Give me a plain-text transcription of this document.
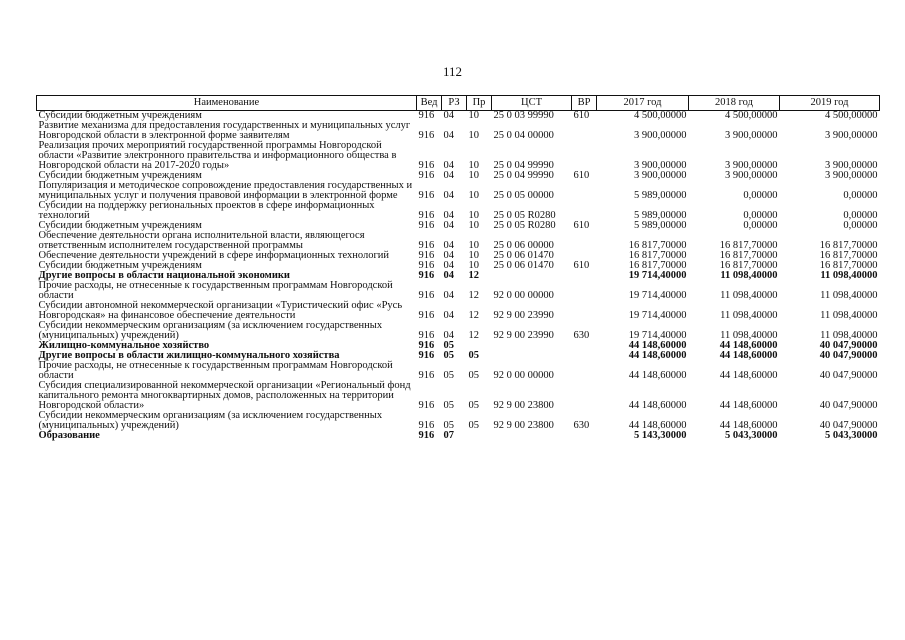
112
Наименование	Вед	РЗ	Пр	ЦСТ	ВР	2017 год	2018 год	2019 год
Субсидии бюджетным учреждениям	916	04	10	25 0 03 99990	610	4 500,00000	4 500,00000	4 500,00000
Развитие механизма для предоставления государственных и муниципальных услуг Новгородской области в электронной форме заявителям	916	04	10	25 0 04 00000		3 900,00000	3 900,00000	3 900,00000
Реализация прочих мероприятий государственной программы Новгородской области «Развитие электронного правительства и информационного общества в Новгородской области на 2017-2020 годы»	916	04	10	25 0 04 99990		3 900,00000	3 900,00000	3 900,00000
Субсидии бюджетным учреждениям	916	04	10	25 0 04 99990	610	3 900,00000	3 900,00000	3 900,00000
Популяризация и методическое сопровождение предоставления государственных и муниципальных услуг и получения правовой информации в электронной форме	916	04	10	25 0 05 00000		5 989,00000	0,00000	0,00000
Субсидии на поддержку региональных проектов в сфере информационных технологий	916	04	10	25 0 05 R0280		5 989,00000	0,00000	0,00000
Субсидии бюджетным учреждениям	916	04	10	25 0 05 R0280	610	5 989,00000	0,00000	0,00000
Обеспечение деятельности органа исполнительной власти, являющегося ответственным исполнителем государственной программы	916	04	10	25 0 06 00000		16 817,70000	16 817,70000	16 817,70000
Обеспечение деятельности учреждений в сфере информационных технологий	916	04	10	25 0 06 01470		16 817,70000	16 817,70000	16 817,70000
Субсидии бюджетным учреждениям	916	04	10	25 0 06 01470	610	16 817,70000	16 817,70000	16 817,70000
Другие вопросы в области национальной экономики	916	04	12			19 714,40000	11 098,40000	11 098,40000
Прочие расходы, не отнесенные к государственным программам Новгородской области	916	04	12	92 0 00 00000		19 714,40000	11 098,40000	11 098,40000
Субсидии автономной некоммерческой организации «Туристический офис «Русь Новгородская» на финансовое обеспечение деятельности	916	04	12	92 9 00 23990		19 714,40000	11 098,40000	11 098,40000
Субсидии некоммерческим организациям (за исключением государственных (муниципальных) учреждений)	916	04	12	92 9 00 23990	630	19 714,40000	11 098,40000	11 098,40000
Жилищно-коммунальное хозяйство	916	05				44 148,60000	44 148,60000	40 047,90000
Другие вопросы в области жилищно-коммунального хозяйства	916	05	05			44 148,60000	44 148,60000	40 047,90000
Прочие расходы, не отнесенные к государственным программам Новгородской области	916	05	05	92 0 00 00000		44 148,60000	44 148,60000	40 047,90000
Субсидия специализированной некоммерческой организации «Региональный фонд капитального ремонта многоквартирных домов, расположенных на территории Новгородской области»	916	05	05	92 9 00 23800		44 148,60000	44 148,60000	40 047,90000
Субсидии некоммерческим организациям (за исключением государственных (муниципальных) учреждений)	916	05	05	92 9 00 23800	630	44 148,60000	44 148,60000	40 047,90000
Образование	916	07				5 143,30000	5 043,30000	5 043,30000
